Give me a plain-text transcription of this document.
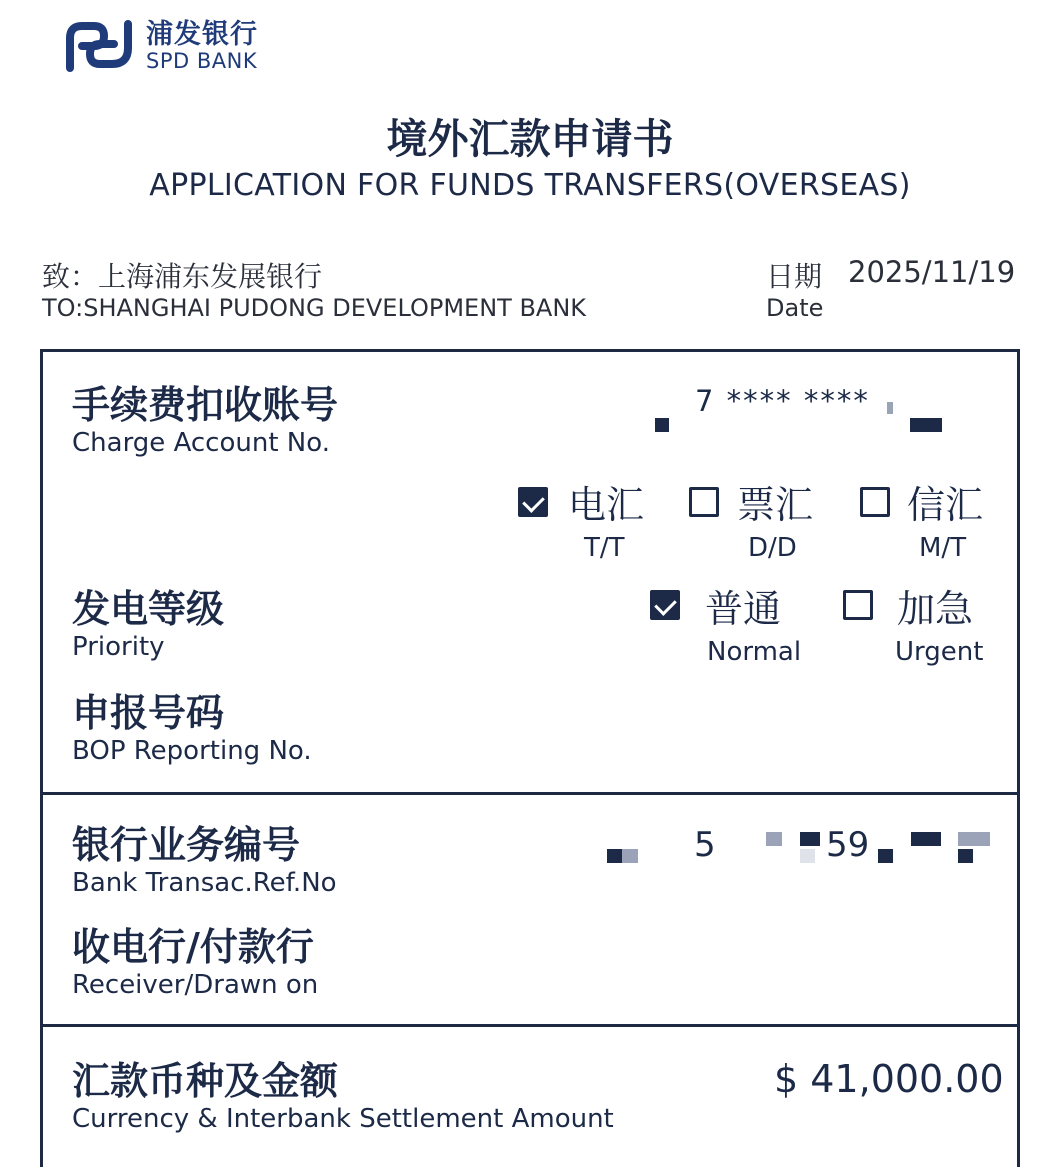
浦发银行
SPD BANK
境外汇款申请书
APPLICATION FOR FUNDS TRANSFERS(OVERSEAS)
致：上海浦东发展银行
TO:SHANGHAI PUDONG DEVELOPMENT BANK
日期 2025/11/19
Date
手续费扣收账号
Charge Account No.
7 **** ****
电汇
T/T
票汇
D/D
信汇
M/T
发电等级
Priority
普通
Normal
加急
Urgent
申报号码
BOP Reporting No.
银行业务编号
Bank Transac.Ref.No
5	59
收电行/付款行
Receiver/Drawn on
汇款币种及金额
Currency & Interbank Settlement Amount
$ 41,000.00
